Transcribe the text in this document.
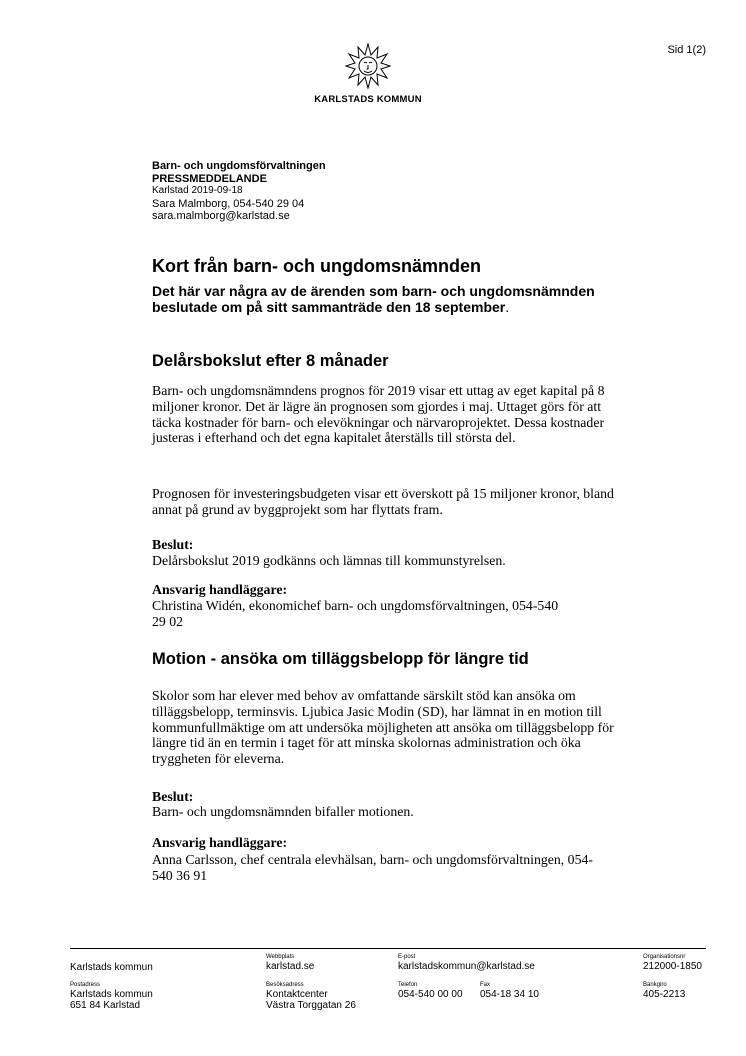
Sid 1(2)
KARLSTADS KOMMUN
Barn- och ungdomsförvaltningen
PRESSMEDDELANDE
Karlstad 2019-09-18
Sara Malmborg, 054-540 29 04
sara.malmborg@karlstad.se
Kort från barn- och ungdomsnämnden

Det här var några av de ärenden som barn- och ungdomsnämnden beslutade om på sitt sammanträde den 18 september.

Delårsbokslut efter 8 månader

Barn- och ungdomsnämndens prognos för 2019 visar ett uttag av eget kapital på 8 miljoner kronor. Det är lägre än prognosen som gjordes i maj. Uttaget görs för att täcka kostnader för barn- och elevökningar och närvaroprojektet. Dessa kostnader justeras i efterhand och det egna kapitalet återställs till största del.

Prognosen för investeringsbudgeten visar ett överskott på 15 miljoner kronor, bland annat på grund av byggprojekt som har flyttats fram.

Beslut:

Delårsbokslut 2019 godkänns och lämnas till kommunstyrelsen.

Ansvarig handläggare:

Christina Widén, ekonomichef barn- och ungdomsförvaltningen, 054-540 29 02

Motion - ansöka om tilläggsbelopp för längre tid

Skolor som har elever med behov av omfattande särskilt stöd kan ansöka om tilläggsbelopp, terminsvis. Ljubica Jasic Modin (SD), har lämnat in en motion till kommunfullmäktige om att undersöka möjligheten att ansöka om tilläggsbelopp för längre tid än en termin i taget för att minska skolornas administration och öka tryggheten för eleverna.

Beslut:

Barn- och ungdomsnämnden bifaller motionen.

Ansvarig handläggare:

Anna Carlsson, chef centrala elevhälsan, barn- och ungdomsförvaltningen, 054-540 36 91

Karlstads kommun
Webbplats
karlstad.se
E-post
karlstadskommun@karlstad.se
Organisationsnr
212000-1850
Postadress
Karlstads kommun
651 84 Karlstad
Besöksadress
Kontaktcenter
Västra Torggatan 26
Telefon
054-540 00 00
Fax
054-18 34 10
Bankgiro
405-2213
